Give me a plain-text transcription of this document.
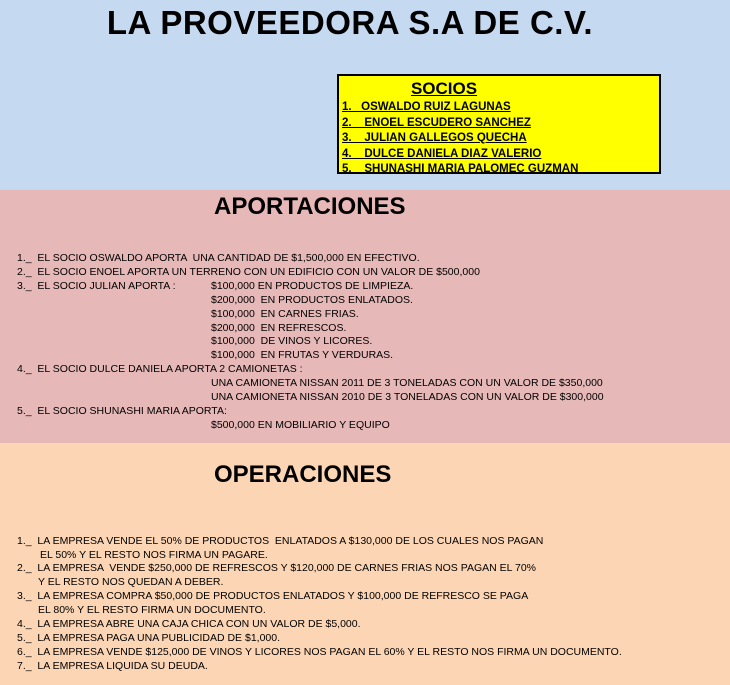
LA PROVEEDORA S.A DE C.V.
SOCIOS
1.   OSWALDO RUIZ LAGUNAS
2._  ENOEL ESCUDERO SANCHEZ
3._  JULIAN GALLEGOS QUECHA
4._  DULCE DANIELA DIAZ VALERIO
5._  SHUNASHI MARIA PALOMEC GUZMAN
APORTACIONES
1._  EL SOCIO OSWALDO APORTA  UNA CANTIDAD DE $1,500,000 EN EFECTIVO.
2._  EL SOCIO ENOEL APORTA UN TERRENO CON UN EDIFICIO CON UN VALOR DE $500,000
3._  EL SOCIO JULIAN APORTA :	$100,000 EN PRODUCTOS DE LIMPIEZA.
$200,000  EN PRODUCTOS ENLATADOS.
$100,000  EN CARNES FRIAS.
$200,000  EN REFRESCOS.
$100,000  DE VINOS Y LICORES.
$100,000  EN FRUTAS Y VERDURAS.
4._  EL SOCIO DULCE DANIELA APORTA 2 CAMIONETAS :
UNA CAMIONETA NISSAN 2011 DE 3 TONELADAS CON UN VALOR DE $350,000
UNA CAMIONETA NISSAN 2010 DE 3 TONELADAS CON UN VALOR DE $300,000
5._  EL SOCIO SHUNASHI MARIA APORTA:
$500,000 EN MOBILIARIO Y EQUIPO
OPERACIONES
1._  LA EMPRESA VENDE EL 50% DE PRODUCTOS  ENLATADOS A $130,000 DE LOS CUALES NOS PAGAN
EL 50% Y EL RESTO NOS FIRMA UN PAGARE.
2._  LA EMPRESA  VENDE $250,000 DE REFRESCOS Y $120,000 DE CARNES FRIAS NOS PAGAN EL 70%
Y EL RESTO NOS QUEDAN A DEBER.
3._  LA EMPRESA COMPRA $50,000 DE PRODUCTOS ENLATADOS Y $100,000 DE REFRESCO SE PAGA
EL 80% Y EL RESTO FIRMA UN DOCUMENTO.
4._  LA EMPRESA ABRE UNA CAJA CHICA CON UN VALOR DE $5,000.
5._  LA EMPRESA PAGA UNA PUBLICIDAD DE $1,000.
6._  LA EMPRESA VENDE $125,000 DE VINOS Y LICORES NOS PAGAN EL 60% Y EL RESTO NOS FIRMA UN DOCUMENTO.
7._  LA EMPRESA LIQUIDA SU DEUDA.
